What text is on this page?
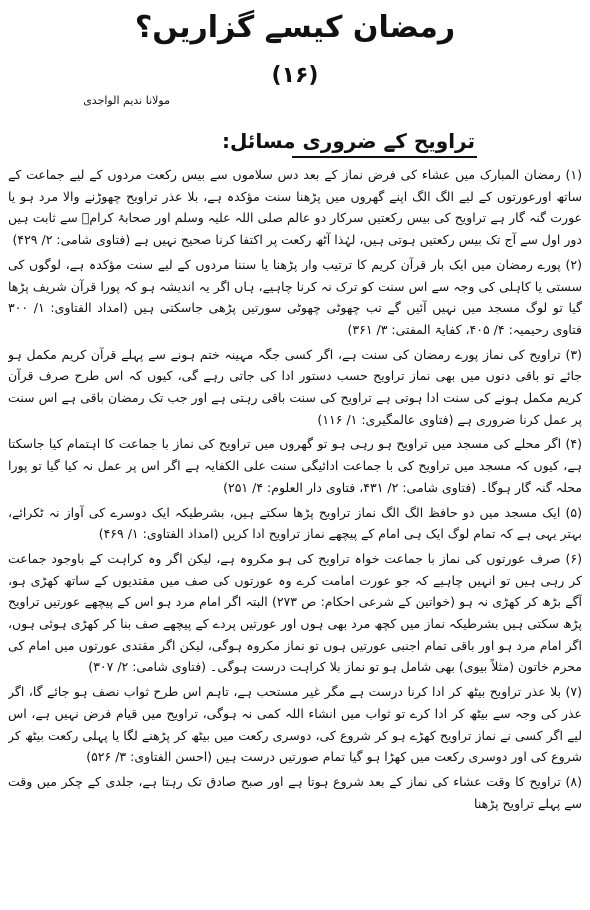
رمضان کیسے گزاریں؟
(۱۶)
مولانا ندیم الواجدی
تراویح کے ضروری مسائل:

(۱) رمضان المبارک میں عشاء کی فرض نماز کے بعد دس سلاموں سے بیس رکعت مردوں کے لیے جماعت کے ساتھ اورعورتوں کے لیے الگ الگ اپنے گھروں میں پڑھنا سنت مؤکدہ ہے، بلا عذر تراویح چھوڑنے والا مرد ہو یا عورت گنہ گار ہے تراویح کی بیس رکعتیں سرکار دو عالم صلی اللہ علیہ وسلم اور صحابۂ کرامؓ سے ثابت ہیں دور اول سے آج تک بیس رکعتیں ہوتی ہیں، لہٰذا آٹھ رکعت پر اکتفا کرنا صحیح نہیں ہے (فتاوی شامی: ۲/ ۴۲۹)

(۲) پورے رمضان میں ایک بار قرآن کریم کا ترتیب وار پڑھنا یا سننا مردوں کے لیے سنت مؤکدہ ہے، لوگوں کی سستی یا کاہلی کی وجہ سے اس سنت کو ترک نہ کرنا چاہیے، ہاں اگر یہ اندیشہ ہو کہ پورا قرآن شریف پڑھا گیا تو لوگ مسجد میں نہیں آئیں گے تب چھوٹی چھوٹی سورتیں پڑھی جاسکتی ہیں (امداد الفتاوی: ۱/ ۳۰۰ فتاوی رحیمیہ: ۴/ ۴۰۵، کفایۃ المفتی: ۳/ ۳۶۱)

(۳) تراویح کی نماز پورے رمضان کی سنت ہے، اگر کسی جگہ مہینہ ختم ہونے سے پہلے قرآن کریم مکمل ہو جائے تو باقی دنوں میں بھی نماز تراویح حسب دستور ادا کی جاتی رہے گی، کیوں کہ اس طرح صرف قرآن کریم مکمل ہونے کی سنت ادا ہوتی ہے تراویح کی سنت باقی رہتی ہے اور جب تک رمضان باقی ہے اس سنت پر عمل کرنا ضروری ہے (فتاوی عالمگیری: ۱/ ۱۱۶)

(۴) اگر محلے کی مسجد میں تراویح ہو رہی ہو تو گھروں میں تراویح کی نماز با جماعت کا اہتمام کیا جاسکتا ہے، کیوں کہ مسجد میں تراویح کی با جماعت ادائیگی سنت علی الکفایہ ہے اگر اس پر عمل نہ کیا گیا تو پورا محلہ گنہ گار ہوگا۔ (فتاوی شامی: ۲/ ۴۳۱، فتاوی دار العلوم: ۴/ ۲۵۱)

(۵) ایک مسجد میں دو حافظ الگ الگ نماز تراویح پڑھا سکتے ہیں، بشرطیکہ ایک دوسرے کی آواز نہ ٹکرائے، بہتر یہی ہے کہ تمام لوگ ایک ہی امام کے پیچھے نماز تراویح ادا کریں (امداد الفتاوی: ۱/ ۴۶۹)

(۶) صرف عورتوں کی نماز با جماعت خواہ تراویح کی ہو مکروہ ہے، لیکن اگر وہ کراہت کے باوجود جماعت کر رہی ہیں تو انہیں چاہیے کہ جو عورت امامت کرے وہ عورتوں کی صف میں مقتدیوں کے ساتھ کھڑی ہو، آگے بڑھ کر کھڑی نہ ہو (خواتین کے شرعی احکام: ص ۲۷۳) البتہ اگر امام مرد ہو اس کے پیچھے عورتیں تراویح پڑھ سکتی ہیں بشرطیکہ نماز میں کچھ مرد بھی ہوں اور عورتیں پردے کے پیچھے صف بنا کر کھڑی ہوئی ہوں، اگر امام مرد ہو اور باقی تمام اجنبی عورتیں ہوں تو نماز مکروہ ہوگی، لیکن اگر مقتدی عورتوں میں امام کی محرم خاتون (مثلاً بیوی) بھی شامل ہو تو نماز بلا کراہت درست ہوگی۔ (فتاوی شامی: ۲/ ۳۰۷)

(۷) بلا عذر تراویح بیٹھ کر ادا کرنا درست ہے مگر غیر مستحب ہے، تاہم اس طرح ثواب نصف ہو جائے گا، اگر عذر کی وجہ سے بیٹھ کر ادا کرے تو ثواب میں انشاء اللہ کمی نہ ہوگی، تراویح میں قیام فرض نہیں ہے، اس لیے اگر کسی نے نماز تراویح کھڑے ہو کر شروع کی، دوسری رکعت میں بیٹھ کر پڑھنے لگا یا پہلی رکعت بیٹھ کر شروع کی اور دوسری رکعت میں کھڑا ہو گیا تمام صورتیں درست ہیں (احسن الفتاوی: ۳/ ۵۲۶)

(۸) تراویح کا وقت عشاء کی نماز کے بعد شروع ہوتا ہے اور صبح صادق تک رہتا ہے، جلدی کے چکر میں وقت سے پہلے تراویح پڑھنا
